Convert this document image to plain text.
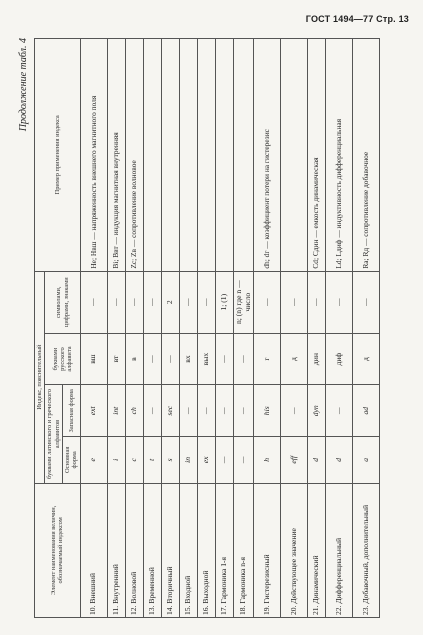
ГОСТ 1494—77 Стр. 13
Продолжение табл. 4
Элемент наименования величин, обозначаемый индексом	Индекс, пояснительный				Пример применения индекса
	буквами латинского и греческого алфавитов		буквами русского алфавита	символами, цифрами, знаками	
	Основная форма	Запасная форма			
10. Внешний	e	ext	вш	—	He; Hвш — напряженность внешнего магнитного поля
11. Внутренний	i	int	вт	—	Bi; Bвт — индукция магнитная внутренняя
12. Волновой	c	ch	в	—	Zc; Zв — сопротивление волновое
13. Временной	t	—	—	—	
14. Вторичный	s	sec	—	2	
15. Входной	in	—	вх	—	
16. Выходной	ex	—	вых	—	
17. Гармоника 1-я	—	—	—	1; (1)	
18. Гармоника n-я	—	—	—	n; (n) где n — число	
19. Гистерезисный	h	his	г	—	dh; dг — коэффициент потери на гистерезис
20. Действующее значение	eff	—	д	—	
21. Динамический	d	dyn	дин	—	Cd; Cдин — емкость динамическая
22. Дифференциальный	d	—	диф	—	Ld; Lдиф — индуктивность дифференциальная
23. Добавочный, дополнительный	a	ad	д	—	Ra; Rд — сопротивление добавочное
